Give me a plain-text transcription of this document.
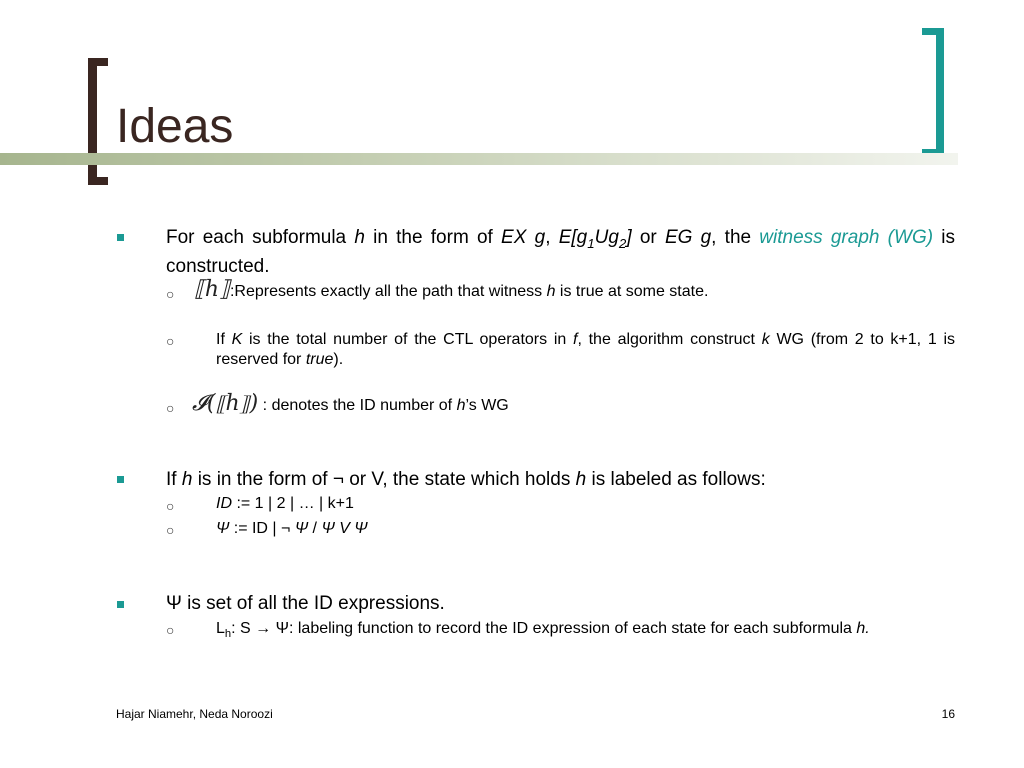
Ideas
For each subformula h in the form of EX g, $E[g_1Ug_2]$ or EG g, the witness graph (WG) is constructed.
○ ⟦h⟧:Represents exactly all the path that witness h is true at some state.
○	If K is the total number of the CTL operators in f, the algorithm construct k WG (from 2 to k+1, 1 is reserved for true).
○ 𝓘(⟦h⟧) : denotes the ID number of h’s WG
If h is in the form of ¬ or V, the state which holds h is labeled as follows:
○	ID := 1 | 2 | … | k+1
○	Ψ := ID | ¬ Ψ / Ψ V Ψ
Ψ is set of all the ID expressions.
○	$L_h$: S → Ψ: labeling function to record the ID expression of each state for each subformula h.
Hajar Niamehr, Neda Noroozi	16
